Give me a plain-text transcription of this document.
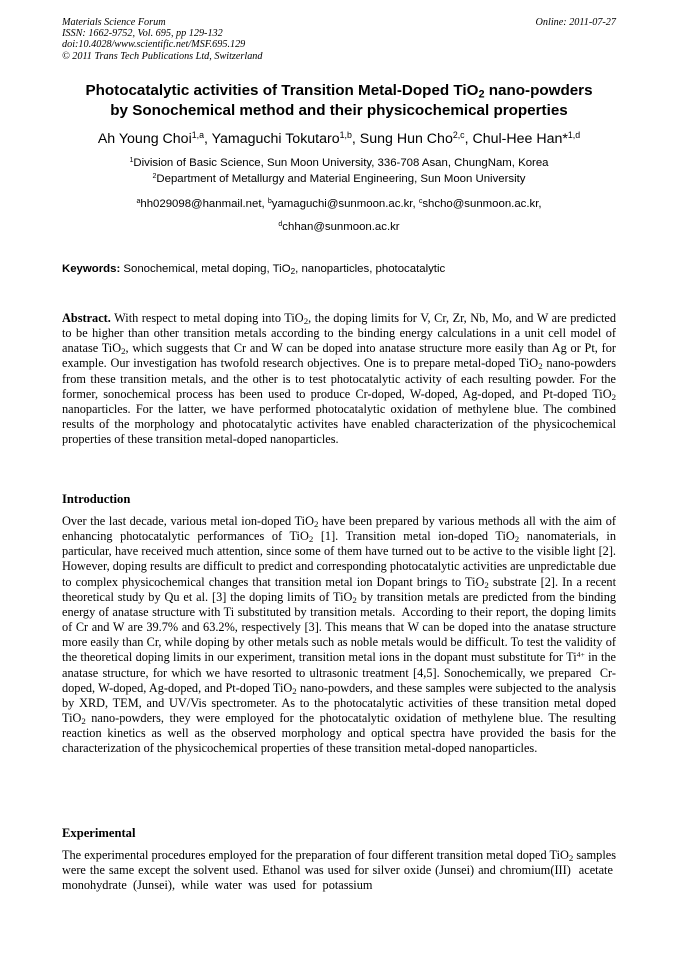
Materials Science Forum
ISSN: 1662-9752, Vol. 695, pp 129-132
doi:10.4028/www.scientific.net/MSF.695.129
© 2011 Trans Tech Publications Ltd, Switzerland
Online: 2011-07-27
Photocatalytic activities of Transition Metal-Doped TiO$_2$ nano-powders
by Sonochemical method and their physicochemical properties
Ah Young Choi$^{1,a}$, Yamaguchi Tokutaro$^{1,b}$, Sung Hun Cho$^{2,c}$, Chul-Hee Han*$^{1,d}$
$^1$Division of Basic Science, Sun Moon University, 336-708 Asan, ChungNam, Korea
$^2$Department of Metallurgy and Material Engineering, Sun Moon University
$^a$hh029098@hanmail.net, $^b$yamaguchi@sunmoon.ac.kr, $^c$shcho@sunmoon.ac.kr,
$^d$chhan@sunmoon.ac.kr
Keywords: Sonochemical, metal doping, TiO$_2$, nanoparticles, photocatalytic
Abstract. With respect to metal doping into TiO$_2$, the doping limits for V, Cr, Zr, Nb, Mo, and W are predicted to be higher than other transition metals according to the binding energy calculations in a unit cell model of anatase TiO$_2$, which suggests that Cr and W can be doped into anatase structure more easily than Ag or Pt, for example. Our investigation has twofold research objectives. One is to prepare metal-doped TiO$_2$ nano-powders from these transition metals, and the other is to test photocatalytic activity of each resulting powder. For the former, sonochemical process has been used to produce Cr-doped, W-doped, Ag-doped, and Pt-doped TiO$_2$ nanoparticles. For the latter, we have performed photocatalytic oxidation of methylene blue. The combined results of the morphology and photocatalytic activites have enabled characterization of the physicochemical properties of these transition metal-doped nanoparticles.
Introduction
Over the last decade, various metal ion-doped TiO$_2$ have been prepared by various methods all with the aim of enhancing photocatalytic performances of TiO$_2$ [1]. Transition metal ion-doped TiO$_2$ nanomaterials, in particular, have received much attention, since some of them have turned out to be active to the visible light [2]. However, doping results are difficult to predict and corresponding photocatalytic activities are unpredictable due to complex physicochemical changes that transition metal ion Dopant brings to TiO$_2$ substrate [2]. In a recent theoretical study by Qu et al. [3] the doping limits of TiO$_2$ by transition metals are predicted from the binding energy of anatase structure with Ti substituted by transition metals.  According to their report, the doping limits of Cr and W are 39.7% and 63.2%, respectively [3]. This means that W can be doped into the anatase structure more easily than Cr, while doping by other metals such as noble metals would be difficult. To test the validity of the theoretical doping limits in our experiment, transition metal ions in the dopant must substitute for $Ti^{4+}$ in the anatase structure, for which we have resorted to ultrasonic treatment [4,5]. Sonochemically, we prepared  Cr-doped, W-doped, Ag-doped, and Pt-doped TiO$_2$ nano-powders, and these samples were subjected to the analysis by XRD, TEM, and UV/Vis spectrometer. As to the photocatalytic activities of these transition metal doped TiO$_2$ nano-powders, they were employed for the photocatalytic oxidation of methylene blue. The resulting reaction kinetics as well as the observed morphology and optical spectra have provided the basis for the characterization of the physicochemical properties of these transition metal-doped nanoparticles.
Experimental
The experimental procedures employed for the preparation of four different transition metal doped TiO$_2$ samples were the same except the solvent used. Ethanol was used for silver oxide (Junsei) and chromium(III)  acetate  monohydrate  (Junsei),  while  water  was  used  for  potassium
